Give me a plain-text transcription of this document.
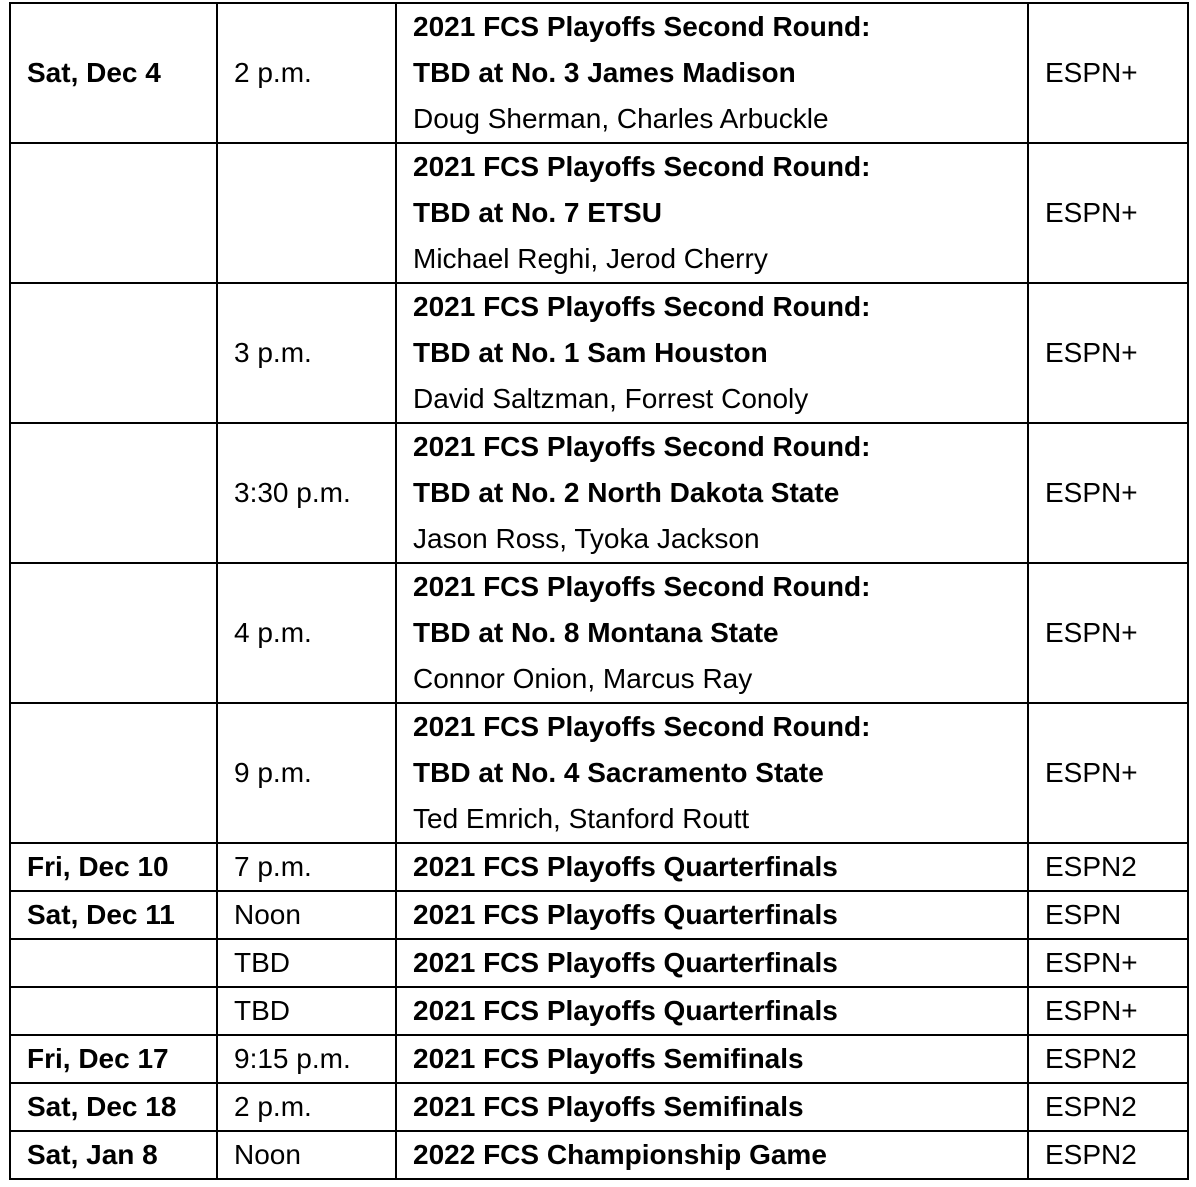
Sat, Dec 4	2 p.m.	2021 FCS Playoffs Second Round:
TBD at No. 3 James Madison
Doug Sherman, Charles Arbuckle	ESPN+

		2021 FCS Playoffs Second Round:
TBD at No. 7 ETSU
Michael Reghi, Jerod Cherry	ESPN+
	3 p.m.	2021 FCS Playoffs Second Round:
TBD at No. 1 Sam Houston
David Saltzman, Forrest Conoly	ESPN+
	3:30 p.m.	2021 FCS Playoffs Second Round:
TBD at No. 2 North Dakota State
Jason Ross, Tyoka Jackson	ESPN+
	4 p.m.	2021 FCS Playoffs Second Round:
TBD at No. 8 Montana State
Connor Onion, Marcus Ray	ESPN+
	9 p.m.	2021 FCS Playoffs Second Round:
TBD at No. 4 Sacramento State
Ted Emrich, Stanford Routt	ESPN+
Fri, Dec 10	7 p.m.	2021 FCS Playoffs Quarterfinals	ESPN2
Sat, Dec 11	Noon	2021 FCS Playoffs Quarterfinals	ESPN
	TBD	2021 FCS Playoffs Quarterfinals	ESPN+
	TBD	2021 FCS Playoffs Quarterfinals	ESPN+
Fri, Dec 17	9:15 p.m.	2021 FCS Playoffs Semifinals	ESPN2
Sat, Dec 18	2 p.m.	2021 FCS Playoffs Semifinals	ESPN2
Sat, Jan 8	Noon	2022 FCS Championship Game	ESPN2
